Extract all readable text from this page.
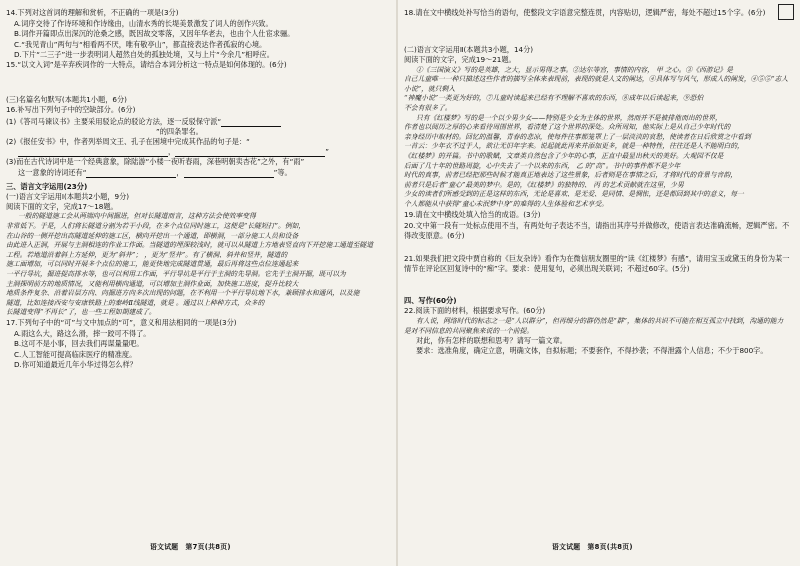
14.下列对这首词的理解和赏析，不正确的一项是(3分)

A.词序交待了作诗环境和作诗缘由，山清水秀的长堤美景激发了词人的创作兴致。

B.词作开篇即点出深沉的沧桑之感，既因故交零落，又因年华老去，也由个人仕宦求骊。

C.“我见青山”两句与“相看两不厌，唯有敬亭山”，都直接表达作者孤寂的心境。

D.下片“二三子”进一步表明词人超然自处的孤独处境，又与上片“今余几”相呼应。

15.“以文入词”是辛弃疾词作的一大特点，请结合本词分析这一特点是如何体现的。(6分)

(三)名篇名句默写(本题共1小题，6分)

16.补写出下列句子中的空缺部分。(6分)

(1)《答司马谏议书》主要采用驳论点的驳论方法，逐一反驳保守派“

”的四条罪名。

(2)《报任安书》中，作者列举周文王、孔子在困境中完成其作品的句子是：“

，	”

(3)而在古代诗词中是一个经典意象，除陆游“小楼一夜听春雨，深巷明朝卖杏花”之外，有“雨”

这一意象的诗词还有“	，	”等。

三、语言文字运用(23分)

(一)语言文字运用Ⅰ(本题共2小题，9分)

阅读下面的文字，完成17～18题。

一般的隧道施工会从两端向中间掘进，但对长隧道而言，这种方法会使效率变得

非常低下。于是，人们将长隧道分割为若干小段，在多个点位同时施工，这便是“长隧短打”。例如，

在山谷的一侧开挖出高隧道延伸的施工区，横向开挖出一个通道，即横洞，一部分施工人员和设备

由此进入正洞，开展与主洞相连的作业工作面。当隧道的埋深较浅时，就可以从隧道上方地表竖直向下开挖施工通道至隧道

工程。若地道沿着斜上方延伸，更为“斜井”； ，更为“竖井”。有了横洞、斜井和竖井，隧道的

施工面增加，可以同时开展多个点位的施工，能更快地完成隧道贯通，最后再将这些点位连通起来

一平行导坑，掘进提高排水等，也可以利用工作面，平行导坑是平行于主洞的先导洞。它先于主洞开掘，既可以为

主洞探明前方的地质情况，又能利用横向通道，可以增加主洞作业面，加快施工进度，提升比较大

地质条件复杂、沿着岩层方向、向掘进方向多次出现的问题，在不利用一个平行导坑地下水，兼顾排水和通风，以及施

隧道，比如连接西安与安康铁路上的秦岭Ⅱ线隧道，就是 。通过以上种种方式，众多的

长隧道变得“不再长”了，也一些工程如期建成了。

17.下列句子中的“可”与文中加点的“可”，意义和用法相同的一项是(3分)

A.雨这么大，路这么滑，摔一跤可不得了。

B.这可不是小事，回去我们再谋量量吧。

C.人工智能可提高临床医疗的精准度。

D.你可知道最近几年小华过得怎么样？

语文试题　第7页(共8页)

18.请在文中横线处补写恰当的语句，使整段文字语意完整连贯，内容贴切，逻辑严密，每处不超过15个字。(6分)

(二)语言文字运用Ⅱ(本题共3小题，14分)

阅读下面的文字，完成19～21题。

①《三国演义》写的是英雄，之大，显示男得之事。②达尔等宫，事情的内容， 甲 之心。③《西游记》是

自己儿童唯一一种只描述这些作者的描写全体来表现前，表现的就是人文的阐达，④具体写与风气，形成人的阐发，④⑤⑤“志人小说”，就只剩入

“神魔小说”一类更为好的，⑦儿童时读起来已经有不理解不喜欢的东西，⑧成年以后读起来，⑨恐怕

不会有很多了。

只有《红楼梦》写的是一个以少男少女——特别是少女为主体的世界，然而并不是被排他而出的世界，

作者也以阅历之厚的心来看待周围世界，看清楚了这个世界的深处。众所周知，他实际上是从自己少年时代的

亲身经历中取材的。回忆的温馨，青春的悲凉，使每件往事都笼罩上了一层淡淡的哀愁，使读者在日后欣赏之中看到

一首云：少年衣不过于人，欲让无旧年字来。说起就此再来并添加更多，就是一种特性，往往还是人不能明白的，

《红楼梦》的开篇。书中的歌赋，文章类自然包含了少年的心事，正直中最显出秋天的美好。大观园不仅是

后面了几十年的世路周旋，心中失去了一个以来的东西， 乙 的“高”。书中的事件都不是少年

时代的真事，前者已经把那些时候才能真正地表达了这些景象，后者则是在事情之后，才将时代的背景与音韵，

前者只是后者“童心”最美的梦中。是的，《红楼梦》的独特的、 丙 的艺术贡献就在这里，少男

少女的读者们所感受到的正是这样的东西，无论是喜欢、是无爱、是同情、是惆怅，还是都回到其中的意义，每一

个人都能从中获得“童心未泯梦中身”的难得的人生体验和艺术享受。

19.请在文中横线处填入恰当的成语。(3分)

20.文中第一段有一处标点使用不当，有两处句子表达不当，请指出其序号并做修改，使语言表达准确流畅，逻辑严密。不得改变原意。(6分)

21.如果我们把文段中贾自称的《巨友杂诗》看作为在微信朋友圈里的“读《红楼梦》有感”，请用宝玉或黛玉的身份为某一情节在评论区回复诗中的“痴”字。要求：使用复句，必须出现关联词；不超过60字。(5分)

四、写作(60分)

22.阅读下面的材料，根据要求写作。(60分)

有人说，网络时代的标志之一是“人以群分”，但再细分的群仍然是“群”，集体的共识不可能在相互孤立中找到，沟通的能力是对不同信息的共同聚焦来说的一个前提。

对此，你有怎样的联想和思考？请写一篇文章。

要求：选准角度，确定立意，明确文体，自拟标题；不要套作，不得抄袭；不得泄露个人信息；不少于800字。

语文试题　第8页(共8页)
